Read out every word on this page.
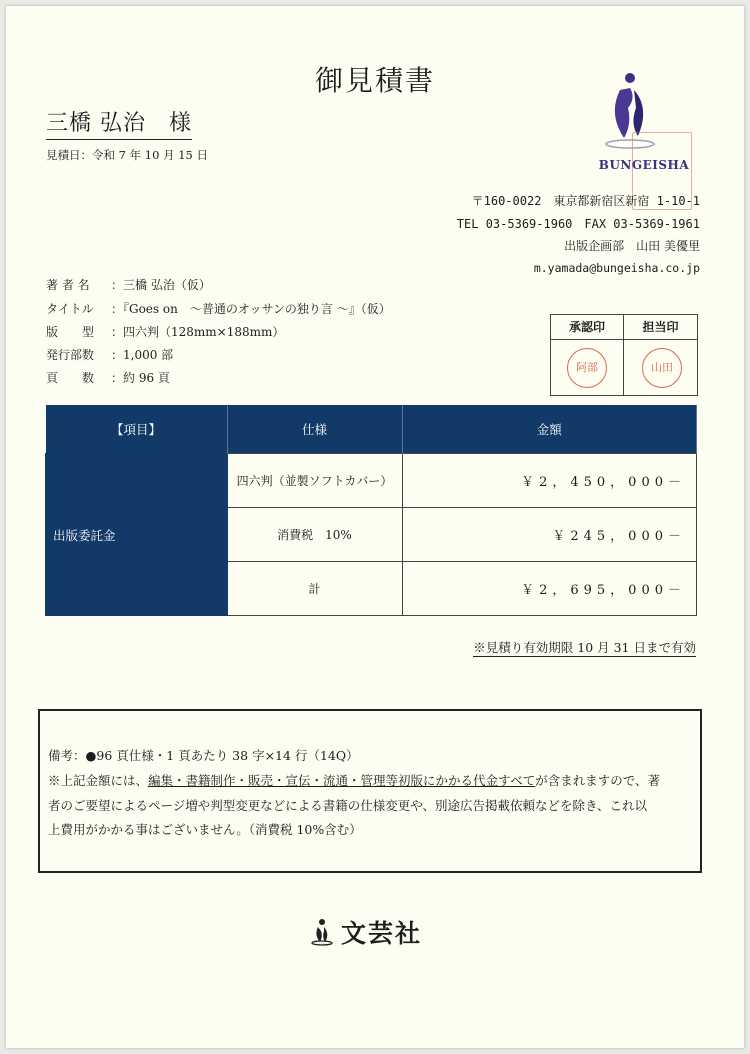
御見積書
三橋 弘治　様
見積日：令和 7 年 10 月 15 日
BUNGEISHA
〒160-0022　東京都新宿区新宿 1-10-1
TEL 03-5369-1960　FAX 03-5369-1961
出版企画部　山田 美優里
m.yamada@bungeisha.co.jp
著 者 名 ：三橋 弘治（仮）
タイトル ：『Goes on　～普通のオッサンの独り言 ～』（仮）
版　　型 ：四六判（128mm×188mm）
発行部数 ：1,000 部
頁　　数 ：約 96 頁
承認印	担当印
阿部	山田
【項目】	仕様	金額
出版委託金	四六判（並製ソフトカバー）	￥2，450，000－
	消費税　10%	￥245，000－
	計	￥2，695，000－
※見積り有効期限 10 月 31 日まで有効

備考：●96 頁仕様・1 頁あたり 38 字×14 行（14Q）

※上記金額には、編集・書籍制作・販売・宣伝・流通・管理等初版にかかる代金すべてが含まれますので、著

者のご要望によるページ増や判型変更などによる書籍の仕様変更や、別途広告掲載依頼などを除き、これ以

上費用がかかる事はございません。（消費税 10%含む）

文芸社
